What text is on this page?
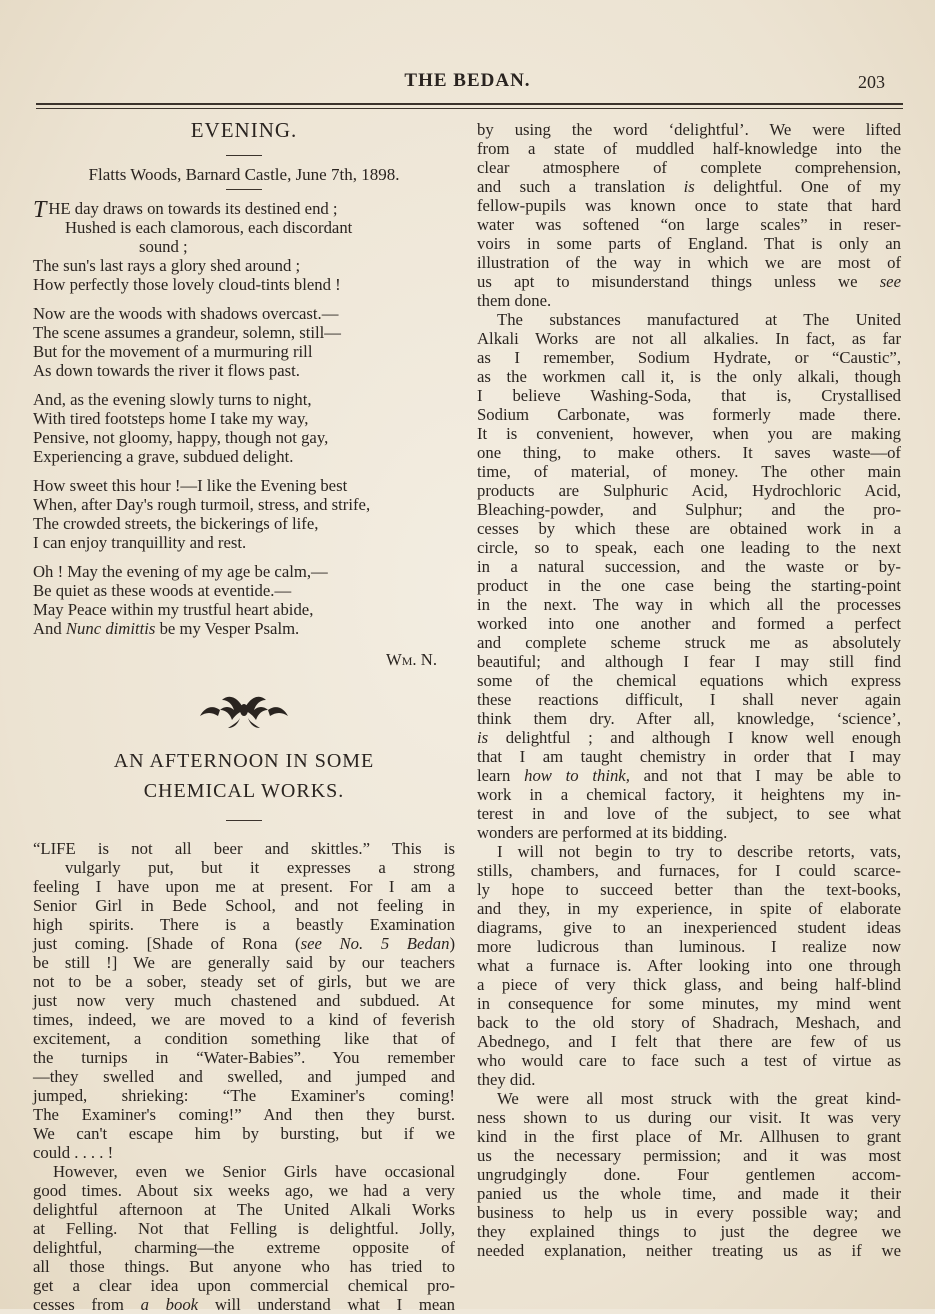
THE BEDAN.	203
EVENING.
Flatts Woods, Barnard Castle, June 7th, 1898.
T HE day draws on towards its destined end ;
Hushed is each clamorous, each discordant
sound ;
The sun's last rays a glory shed around ;
How perfectly those lovely cloud-tints blend !
Now are the woods with shadows overcast.—
The scene assumes a grandeur, solemn, still—
But for the movement of a murmuring rill
As down towards the river it flows past.
And, as the evening slowly turns to night,
With tired footsteps home I take my way,
Pensive, not gloomy, happy, though not gay,
Experiencing a grave, subdued delight.
How sweet this hour !—I like the Evening best
When, after Day's rough turmoil, stress, and strife,
The crowded streets, the bickerings of life,
I can enjoy tranquillity and rest.
Oh ! May the evening of my age be calm,—
Be quiet as these woods at eventide.—
May Peace within my trustful heart abide,
And Nunc dimittis be my Vesper Psalm.
Wm. N.
AN AFTERNOON IN SOME
CHEMICAL WORKS.
“LIFE is not all beer and skittles.” This is
vulgarly put, but it expresses a strong
feeling I have upon me at present. For I am a
Senior Girl in Bede School, and not feeling in
high spirits. There is a beastly Examination
just coming. [Shade of Rona (see No. 5 Bedan)
be still !] We are generally said by our teachers
not to be a sober, steady set of girls, but we are
just now very much chastened and subdued. At
times, indeed, we are moved to a kind of feverish
excitement, a condition something like that of
the turnips in “Water-Babies”. You remember
—they swelled and swelled, and jumped and
jumped, shrieking: “The Examiner's coming!
The Examiner's coming!” And then they burst.
We can't escape him by bursting, but if we
could . . . . !
However, even we Senior Girls have occasional
good times. About six weeks ago, we had a very
delightful afternoon at The United Alkali Works
at Felling. Not that Felling is delightful. Jolly,
delightful, charming—the extreme opposite of
all those things. But anyone who has tried to
get a clear idea upon commercial chemical pro-
cesses from a book will understand what I mean
by using the word ‘delightful’. We were lifted
from a state of muddled half-knowledge into the
clear atmosphere of complete comprehension,
and such a translation is delightful. One of my
fellow-pupils was known once to state that hard
water was softened “on large scales” in reser-
voirs in some parts of England. That is only an
illustration of the way in which we are most of
us apt to misunderstand things unless we see
them done.
The substances manufactured at The United
Alkali Works are not all alkalies. In fact, as far
as I remember, Sodium Hydrate, or “Caustic”,
as the workmen call it, is the only alkali, though
I believe Washing-Soda, that is, Crystallised
Sodium Carbonate, was formerly made there.
It is convenient, however, when you are making
one thing, to make others. It saves waste—of
time, of material, of money. The other main
products are Sulphuric Acid, Hydrochloric Acid,
Bleaching-powder, and Sulphur; and the pro-
cesses by which these are obtained work in a
circle, so to speak, each one leading to the next
in a natural succession, and the waste or by-
product in the one case being the starting-point
in the next. The way in which all the processes
worked into one another and formed a perfect
and complete scheme struck me as absolutely
beautiful; and although I fear I may still find
some of the chemical equations which express
these reactions difficult, I shall never again
think them dry. After all, knowledge, ‘science’,
is delightful ; and although I know well enough
that I am taught chemistry in order that I may
learn how to think, and not that I may be able to
work in a chemical factory, it heightens my in-
terest in and love of the subject, to see what
wonders are performed at its bidding.
I will not begin to try to describe retorts, vats,
stills, chambers, and furnaces, for I could scarce-
ly hope to succeed better than the text-books,
and they, in my experience, in spite of elaborate
diagrams, give to an inexperienced student ideas
more ludicrous than luminous. I realize now
what a furnace is. After looking into one through
a piece of very thick glass, and being half-blind
in consequence for some minutes, my mind went
back to the old story of Shadrach, Meshach, and
Abednego, and I felt that there are few of us
who would care to face such a test of virtue as
they did.
We were all most struck with the great kind-
ness shown to us during our visit. It was very
kind in the first place of Mr. Allhusen to grant
us the necessary permission; and it was most
ungrudgingly done. Four gentlemen accom-
panied us the whole time, and made it their
business to help us in every possible way; and
they explained things to just the degree we
needed explanation, neither treating us as if we
